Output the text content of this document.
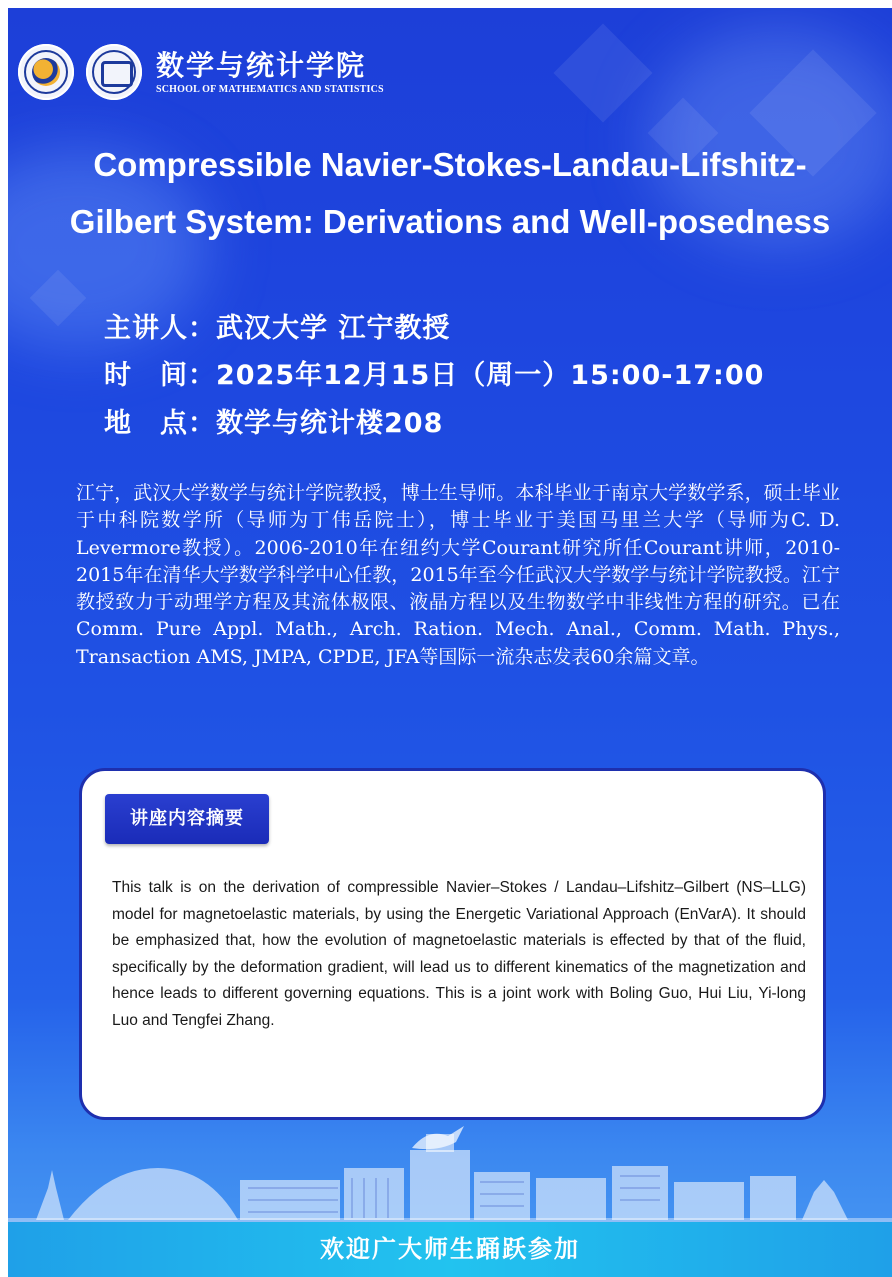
数学与统计学院
SCHOOL OF MATHEMATICS AND STATISTICS
Compressible Navier-Stokes-Landau-Lifshitz-
Gilbert System: Derivations and Well-posedness
主讲人：武汉大学 江宁教授
时　间：2025年12月15日（周一）15:00-17:00
地　点：数学与统计楼208

江宁，武汉大学数学与统计学院教授，博士生导师。本科毕业于南京大学数学系，硕士毕业于中科院数学所（导师为丁伟岳院士），博士毕业于美国马里兰大学（导师为C. D. Levermore教授）。2006-2010年在纽约大学Courant研究所任Courant讲师，2010-2015年在清华大学数学科学中心任教，2015年至今任武汉大学数学与统计学院教授。江宁教授致力于动理学方程及其流体极限、液晶方程以及生物数学中非线性方程的研究。已在Comm. Pure Appl. Math., Arch. Ration. Mech. Anal., Comm. Math. Phys., Transaction AMS, JMPA, CPDE, JFA等国际一流杂志发表60余篇文章。

讲座内容摘要

This talk is on the derivation of compressible Navier–Stokes / Landau–Lifshitz–Gilbert (NS–LLG) model for magnetoelastic materials, by using the Energetic Variational Approach (EnVarA). It should be emphasized that, how the evolution of magnetoelastic materials is effected by that of the fluid, specifically by the deformation gradient, will lead us to different kinematics of the magnetization and hence leads to different governing equations. This is a joint work with Boling Guo, Hui Liu, Yi-long Luo and Tengfei Zhang.

欢迎广大师生踊跃参加
